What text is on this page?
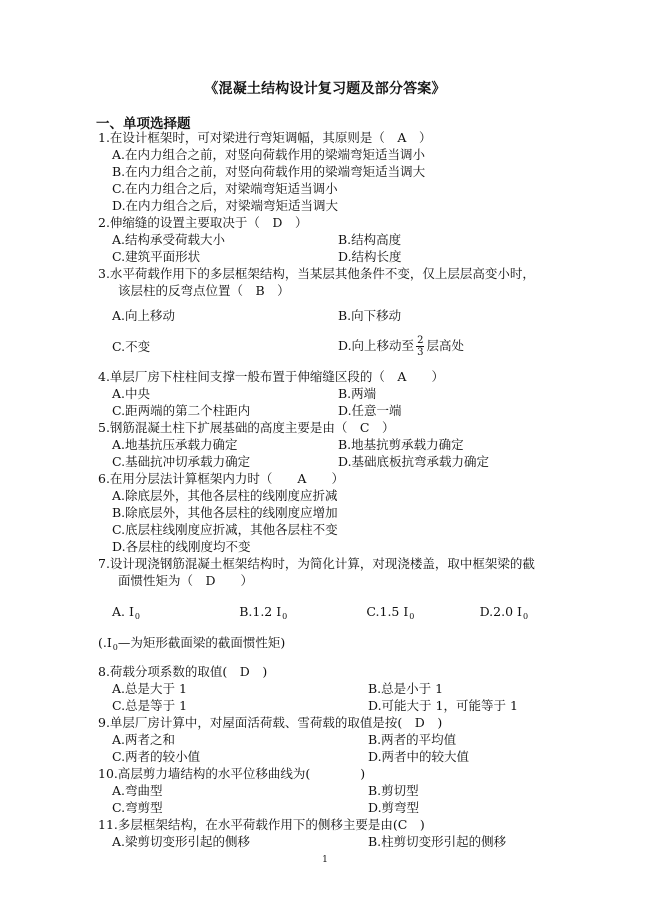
《混凝土结构设计复习题及部分答案》
一、单项选择题
1.在设计框架时，可对梁进行弯矩调幅，其原则是（　A　）
A.在内力组合之前，对竖向荷载作用的梁端弯矩适当调小
B.在内力组合之前，对竖向荷载作用的梁端弯矩适当调大
C.在内力组合之后，对梁端弯矩适当调小
D.在内力组合之后，对梁端弯矩适当调大
2.伸缩缝的设置主要取决于（　D　）
A.结构承受荷载大小	B.结构高度
C.建筑平面形状	D.结构长度
3.水平荷载作用下的多层框架结构，当某层其他条件不变，仅上层层高变小时，
该层柱的反弯点位置（　B　）
A.向上移动	B.向下移动
C.不变	D.向上移动至 $\frac{2}{3}$ 层高处
4.单层厂房下柱柱间支撑一般布置于伸缩缝区段的（　A　　）
A.中央	B.两端
C.距两端的第二个柱距内	D.任意一端
5.钢筋混凝土柱下扩展基础的高度主要是由（　C　）
A.地基抗压承载力确定	B.地基抗剪承载力确定
C.基础抗冲切承载力确定	D.基础底板抗弯承载力确定
6.在用分层法计算框架内力时（　　A　　）
A.除底层外，其他各层柱的线刚度应折减
B.除底层外，其他各层柱的线刚度应增加
C.底层柱线刚度应折减，其他各层柱不变
D.各层柱的线刚度均不变
7.设计现浇钢筋混凝土框架结构时，为简化计算，对现浇楼盖，取中框架梁的截
面惯性矩为（　D　　）
A. $I_0$	B.1.2 $I_0$	C.1.5 $I_0$	D.2.0 $I_0$
($.I_0—$为矩形截面梁的截面惯性矩)
8.荷载分项系数的取值(　D　)
A.总是大于 1	B.总是小于 1
C.总是等于 1	D.可能大于 1，可能等于 1
9.单层厂房计算中，对屋面活荷载、雪荷载的取值是按(　D　)
A.两者之和	B.两者的平均值
C.两者的较小值	D.两者中的较大值
10.高层剪力墙结构的水平位移曲线为(　　　　)
A.弯曲型	B.剪切型
C.弯剪型	D.剪弯型
11.多层框架结构，在水平荷载作用下的侧移主要是由(C　)
A.梁剪切变形引起的侧移	B.柱剪切变形引起的侧移
1
